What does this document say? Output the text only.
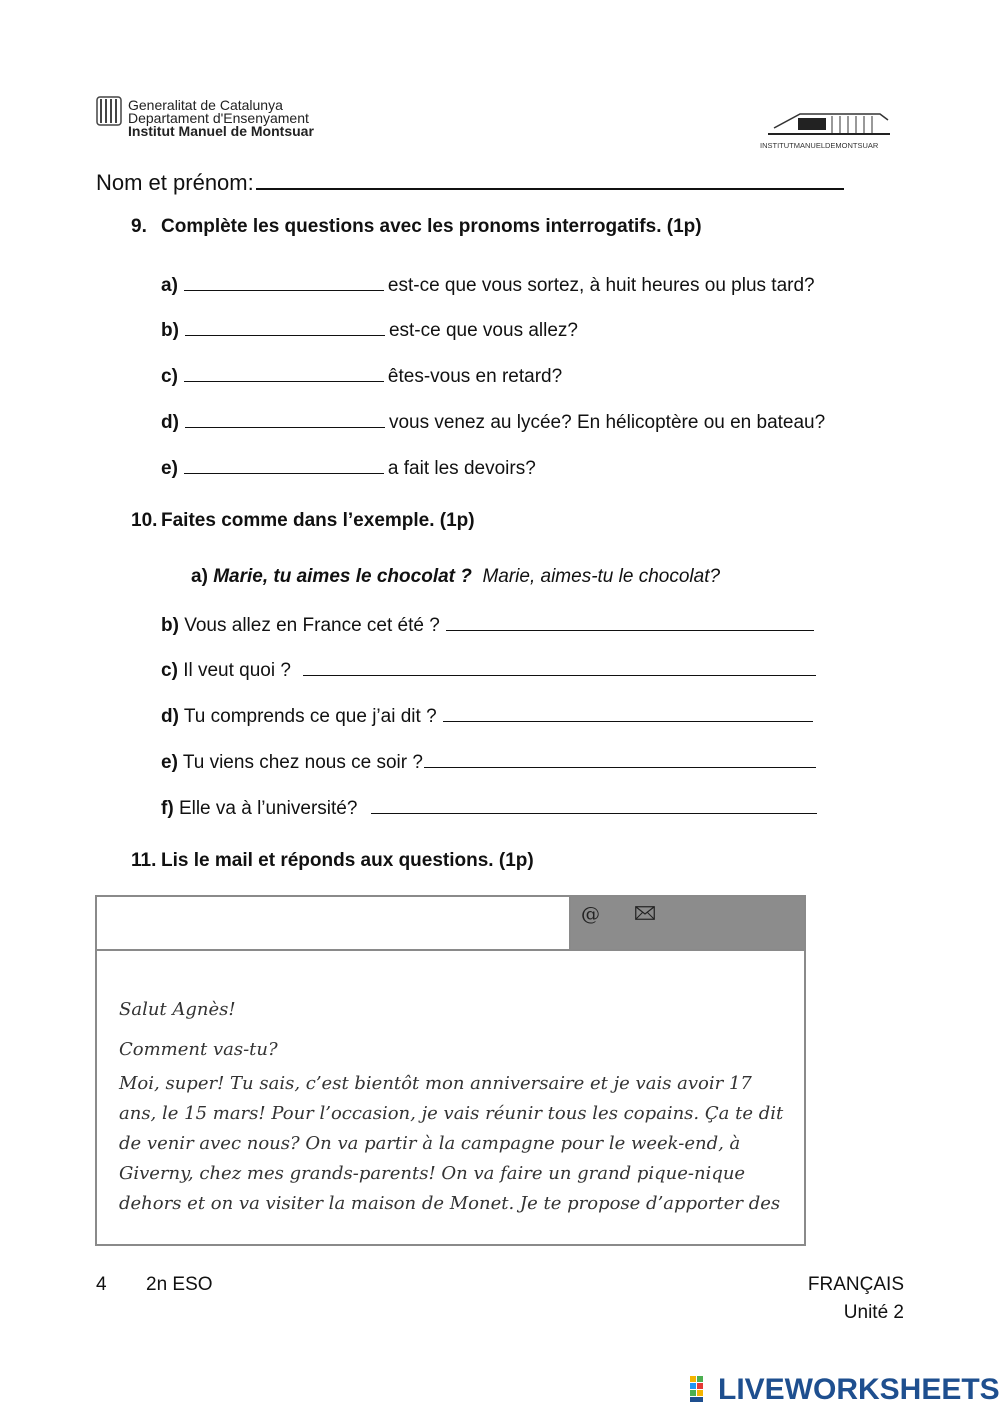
Generalitat de Catalunya
Departament d'Ensenyament
Institut Manuel de Montsuar
INSTITUTMANUELDEMONTSUAR
Nom et prénom:
9. Complète les questions avec les pronoms interrogatifs. (1p)
a)	est-ce que vous sortez, à huit heures ou plus tard?
b)	est-ce que vous allez?
c)	êtes-vous en retard?
d)	vous venez au lycée? En hélicoptère ou en bateau?
e)	a fait les devoirs?
10. Faites comme dans l’exemple. (1p)
a) Marie, tu aimes le chocolat ? Marie, aimes-tu le chocolat?
b) Vous allez en France cet été ?
c) Il veut quoi ?
d) Tu comprends ce que j’ai dit ?
e) Tu viens chez nous ce soir ?
f) Elle va à l’université?
11. Lis le mail et réponds aux questions. (1p)
@
Salut Agnès!
Comment vas-tu?
Moi, super! Tu sais, c’est bientôt mon anniversaire et je vais avoir 17
ans, le 15 mars! Pour l’occasion, je vais réunir tous les copains. Ça te dit
de venir avec nous? On va partir à la campagne pour le week-end, à
Giverny, chez mes grands-parents! On va faire un grand pique-nique
dehors et on va visiter la maison de Monet. Je te propose d’apporter des
4 2n ESO	FRANÇAIS
Unité 2
LIVEWORKSHEETS
